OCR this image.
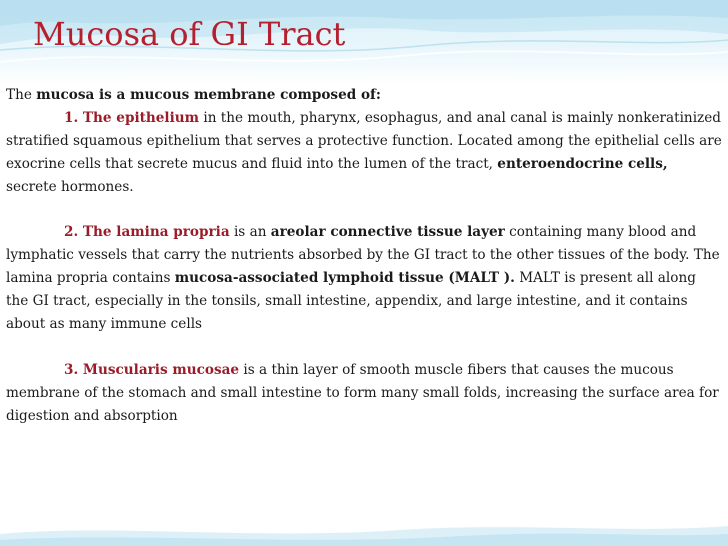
Mucosa of GI Tract

The mucosa is a mucous membrane composed of:

1. The epithelium in the mouth, pharynx, esophagus, and anal canal is mainly nonkeratinized stratified squamous epithelium that serves a protective function. Located among the epithelial cells are exocrine cells that secrete mucus and fluid into the lumen of the tract, enteroendocrine cells, secrete hormones.

2. The lamina propria is an areolar connective tissue layer containing many blood and lymphatic vessels that carry the nutrients absorbed by the GI tract to the other tissues of the body. The lamina propria contains mucosa-associated lymphoid tissue (MALT ). MALT is present all along the GI tract, especially in the tonsils, small intestine, appendix, and large intestine, and it contains about as many immune cells

3. Muscularis mucosae is a thin layer of smooth muscle fibers that causes the mucous membrane of the stomach and small intestine to form many small folds, increasing the surface area for digestion and absorption
